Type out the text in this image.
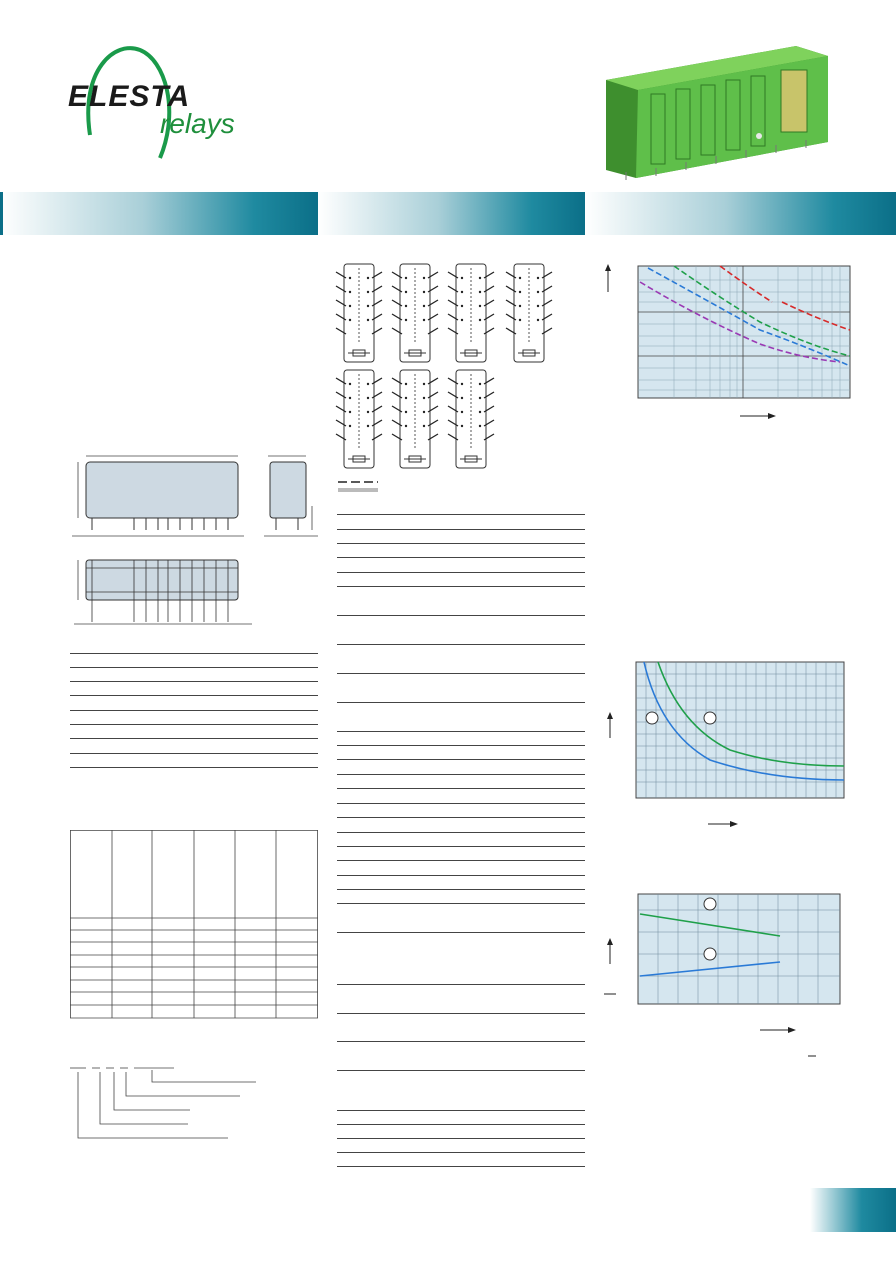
ELESTA
relays
